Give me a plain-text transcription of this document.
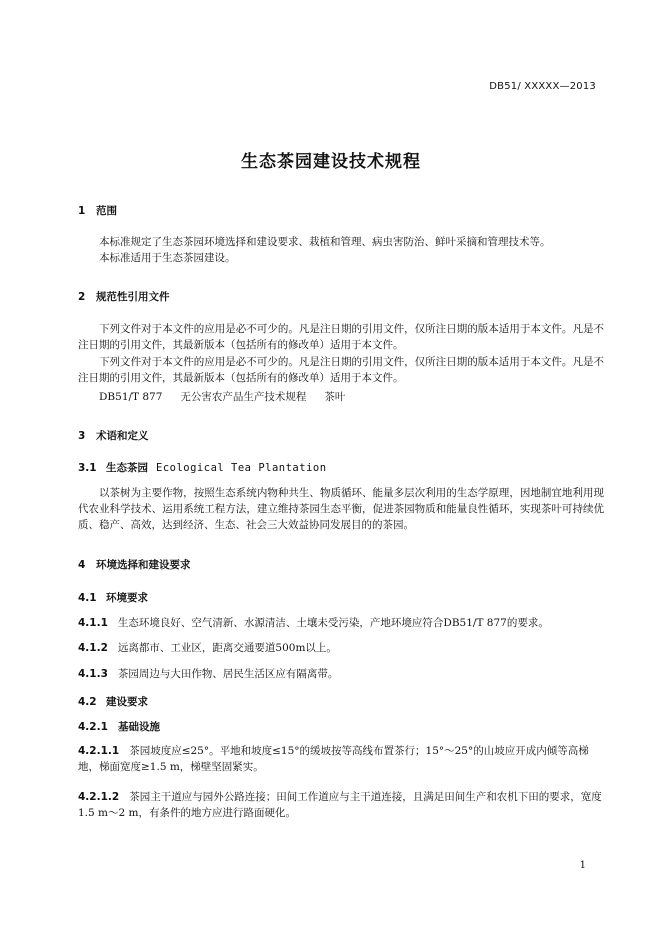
DB51/ XXXXX—2013
生态茶园建设技术规程
1 范围
本标准规定了生态茶园环境选择和建设要求、栽植和管理、病虫害防治、鲜叶采摘和管理技术等。
本标准适用于生态茶园建设。
2 规范性引用文件
下列文件对于本文件的应用是必不可少的。凡是注日期的引用文件，仅所注日期的版本适用于本文件。凡是不注日期的引用文件，其最新版本（包括所有的修改单）适用于本文件。
下列文件对于本文件的应用是必不可少的。凡是注日期的引用文件，仅所注日期的版本适用于本文件。凡是不注日期的引用文件，其最新版本（包括所有的修改单）适用于本文件。
DB51/T 877 无公害农产品生产技术规程 茶叶
3 术语和定义
3.1 生态茶园 Ecological Tea Plantation
以茶树为主要作物，按照生态系统内物种共生、物质循环、能量多层次利用的生态学原理，因地制宜地利用现代农业科学技术、运用系统工程方法，建立维持茶园生态平衡，促进茶园物质和能量良性循环，实现茶叶可持续优质、稳产、高效，达到经济、生态、社会三大效益协同发展目的的茶园。
4 环境选择和建设要求
4.1 环境要求
4.1.1 生态环境良好、空气清新、水源清洁、土壤未受污染，产地环境应符合DB51/T 877的要求。
4.1.2 远离都市、工业区，距离交通要道500m以上。
4.1.3 茶园周边与大田作物、居民生活区应有隔离带。
4.2 建设要求
4.2.1 基础设施
4.2.1.1 茶园坡度应≤25°。平地和坡度≤15°的缓坡按等高线布置茶行；15°～25°的山坡应开成内倾等高梯地，梯面宽度≥1.5 m，梯壁坚固紧实。
4.2.1.2 茶园主干道应与园外公路连接；田间工作道应与主干道连接，且满足田间生产和农机下田的要求，宽度1.5 m～2 m，有条件的地方应进行路面硬化。
1
